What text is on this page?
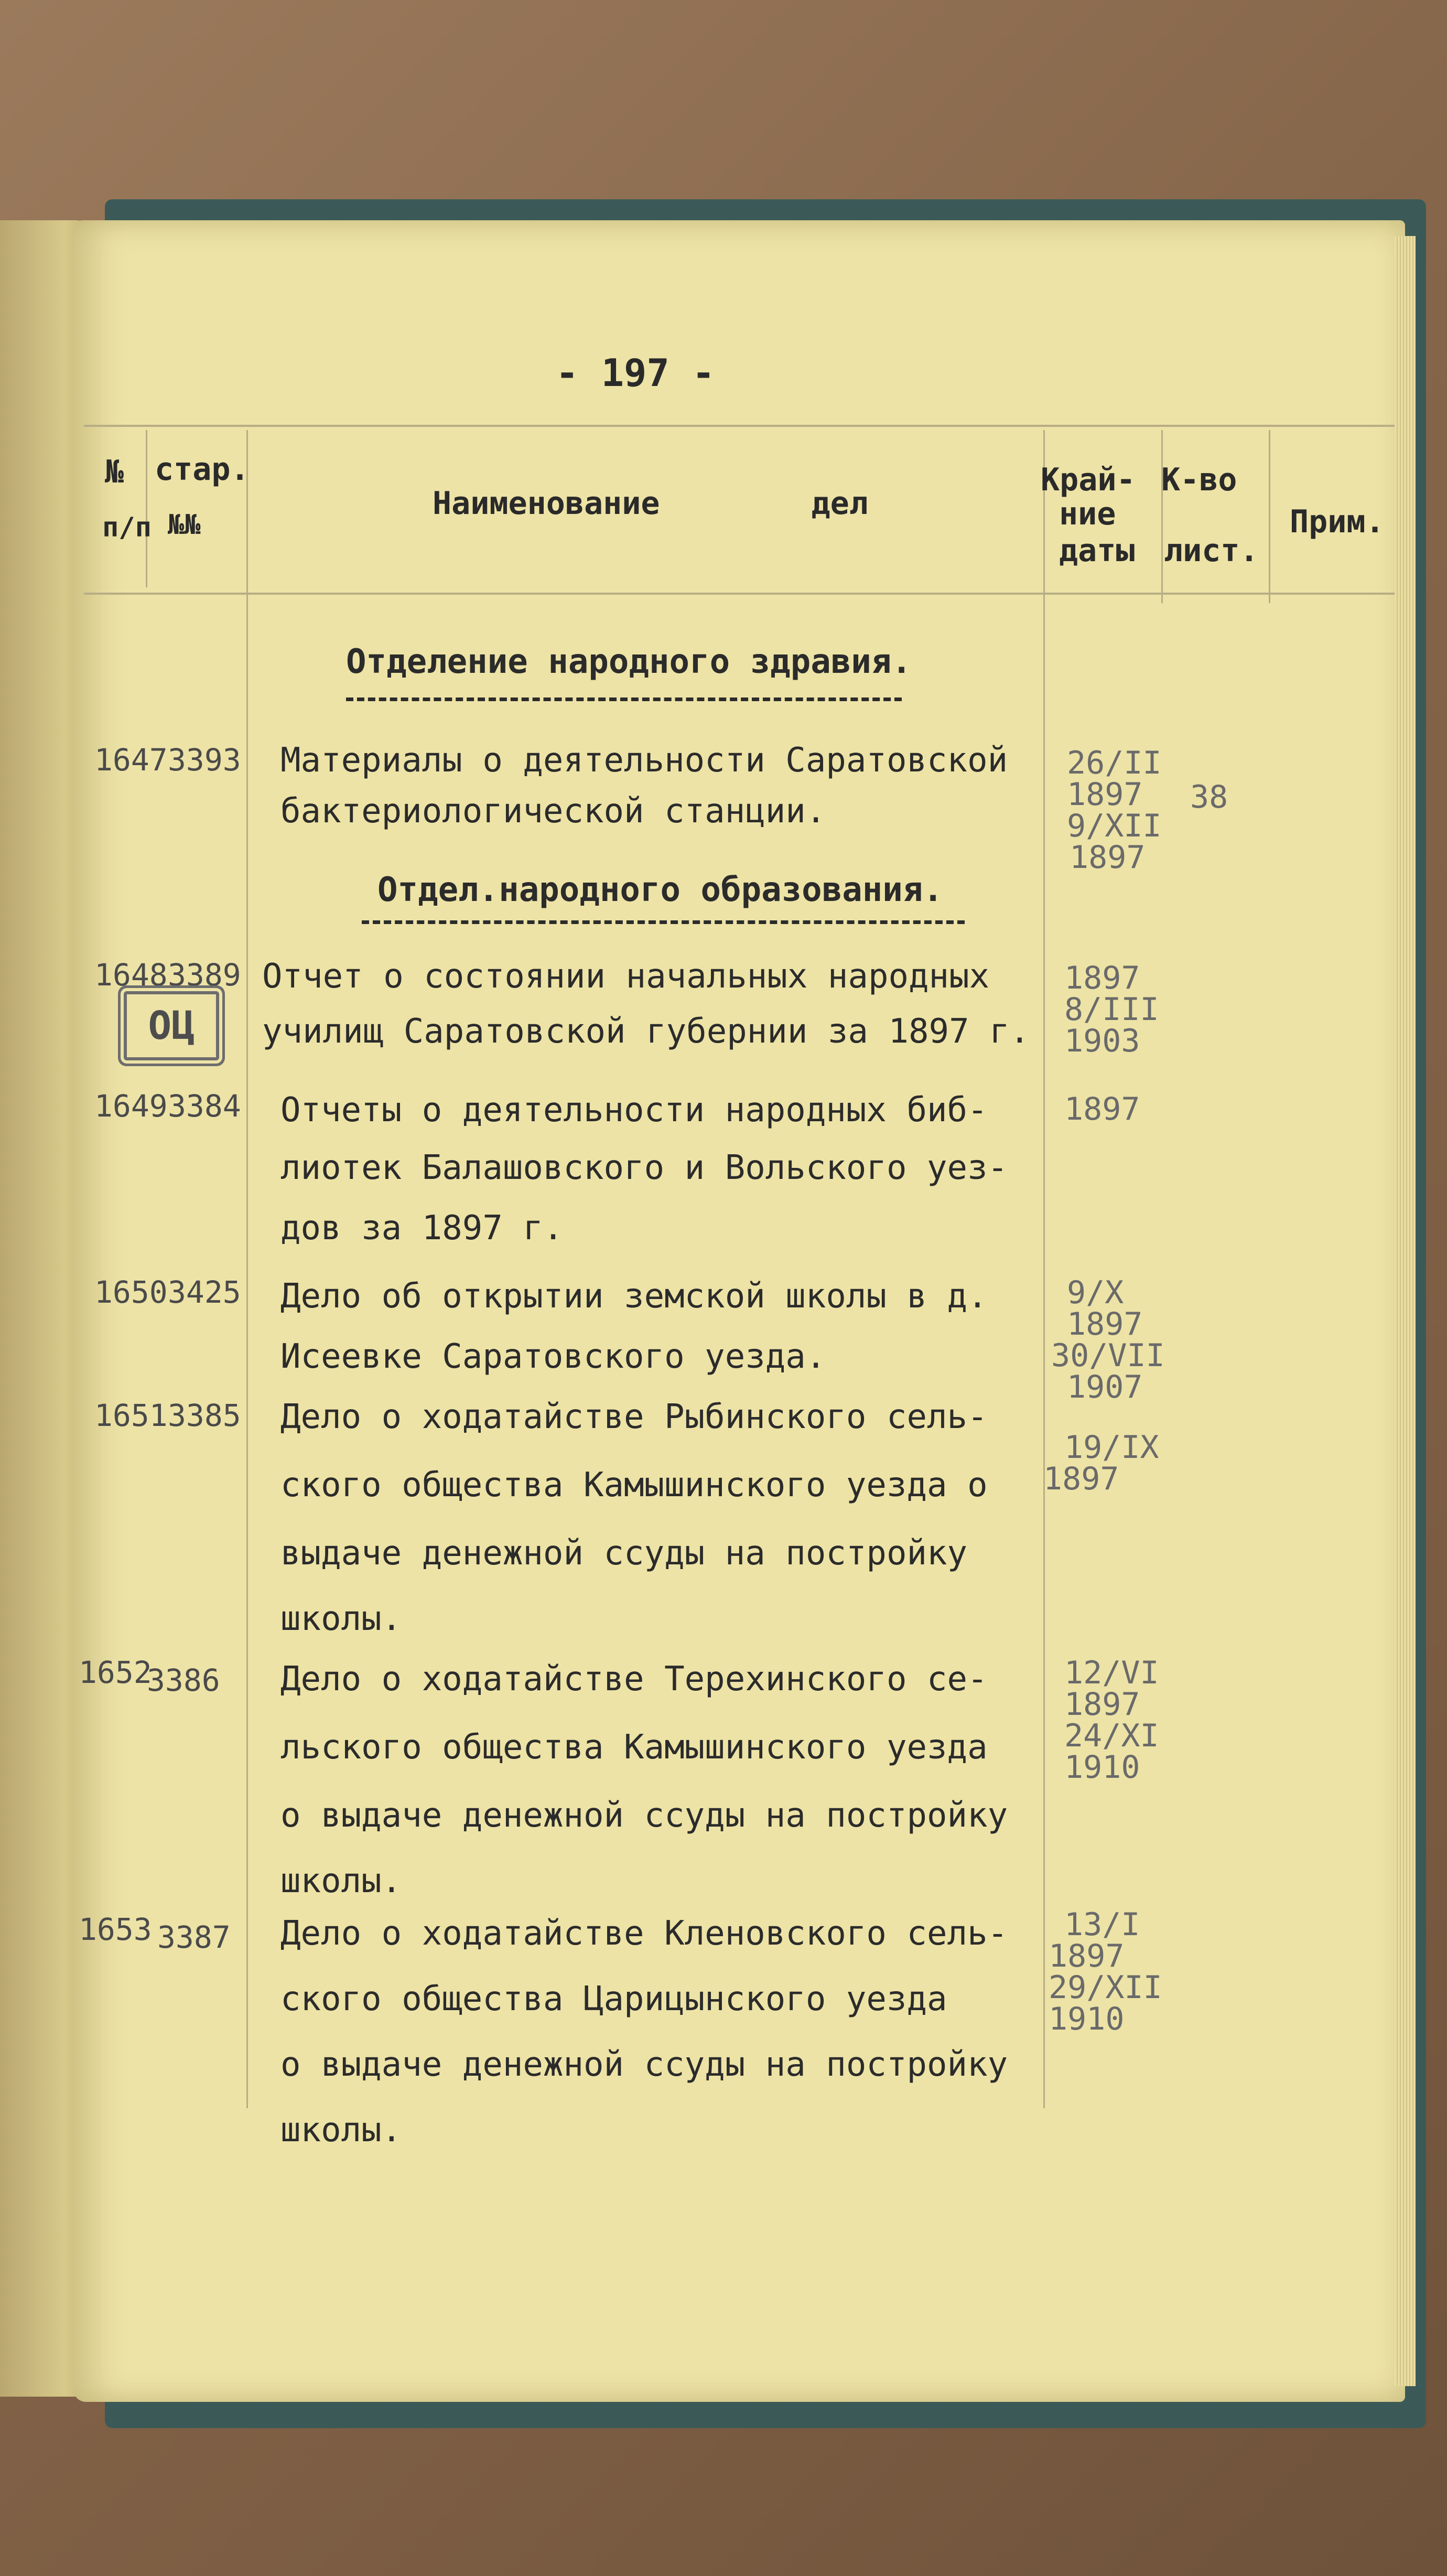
- 197 -
№
п/п
стар.
№№
Наименование        дел
Край-
ние
даты
К-во
лист.
Прим.
Отделение народного здравия.
1647 3393 Материалы о деятельности Саратовской
бактериологической станции.
26/II
1897
9/XII
1897
38
Отдел.народного образования.
1648 3389 Отчет о состоянии начальных народных
училищ Саратовской губернии за 1897 г.
ОЦ
1897
8/III
1903
1649 3384 Отчеты о деятельности народных биб-
лиотек Балашовского и Вольского уез-
дов за 1897 г.
1897
1650 3425 Дело об открытии земской школы в д.
Исеевке Саратовского уезда.
9/X
1897
30/VII
1907
1651 3385 Дело о ходатайстве Рыбинского сель-
ского общества Камышинского уезда о
выдаче денежной ссуды на постройку
школы.
19/IX
1897
1652
3386 Дело о ходатайстве Терехинского се-
льского общества Камышинского уезда
о выдаче денежной ссуды на постройку
школы.
12/VI
1897
24/XI
1910
1653 3387 Дело о ходатайстве Кленовского сель-
ского общества Царицынского уезда
о выдаче денежной ссуды на постройку
школы.
13/I
1897
29/XII
1910
